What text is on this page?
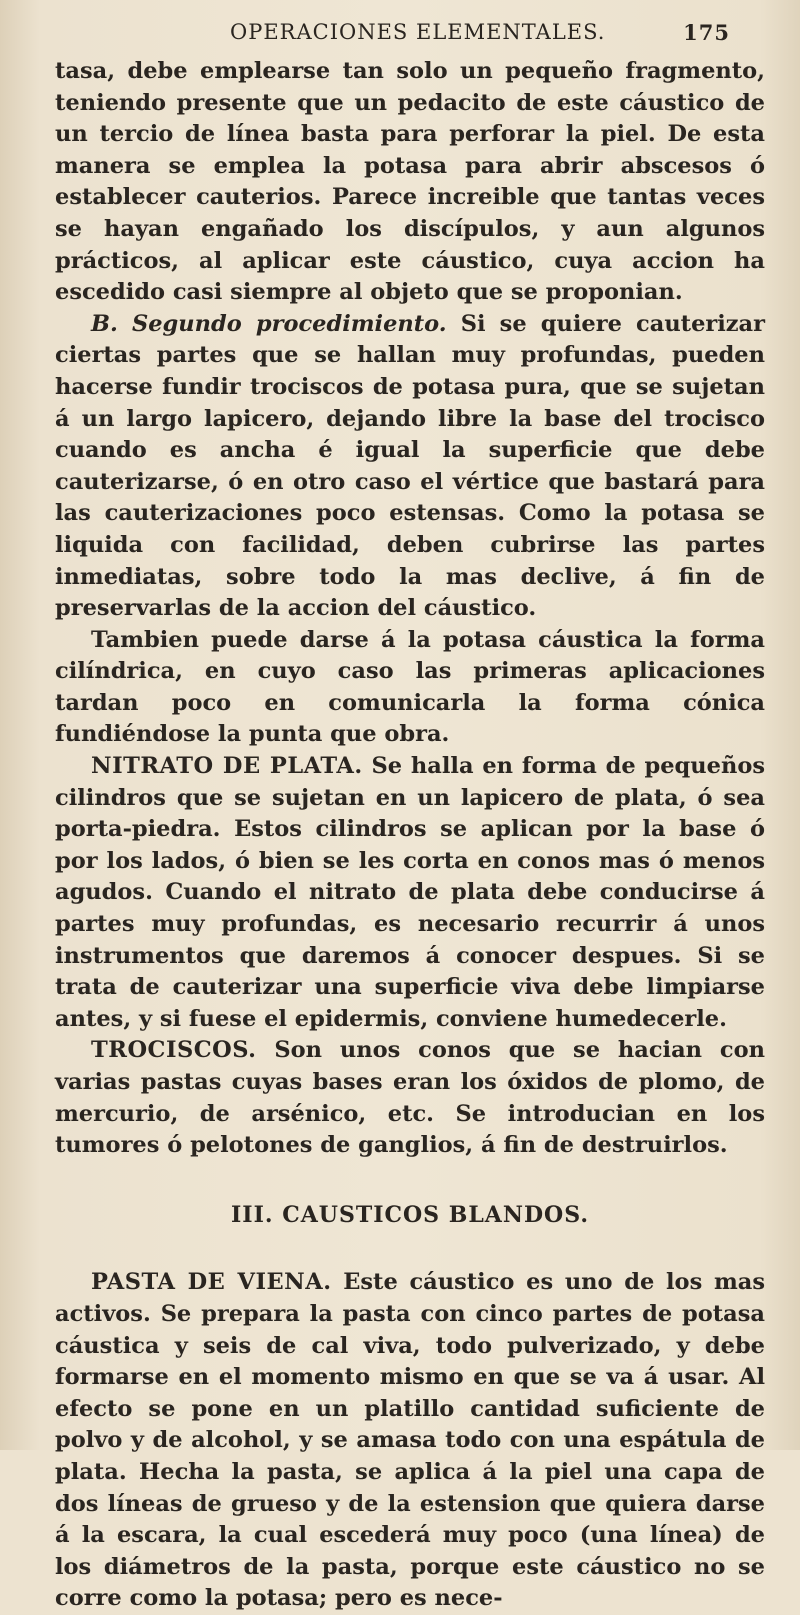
OPERACIONES ELEMENTALES.	175

tasa, debe emplearse tan solo un pequeño fragmento, teniendo presente que un pedacito de este cáustico de un tercio de línea basta para perforar la piel. De esta manera se emplea la potasa para abrir abscesos ó establecer cauterios. Parece increible que tantas veces se hayan engañado los discípulos, y aun algunos prácticos, al aplicar este cáustico, cuya accion ha escedido casi siempre al objeto que se proponian.

B. Segundo procedimiento. Si se quiere cauterizar ciertas partes que se hallan muy profundas, pueden hacerse fundir trociscos de potasa pura, que se sujetan á un largo lapicero, dejando libre la base del trocisco cuando es ancha é igual la superficie que debe cauterizarse, ó en otro caso el vértice que bastará para las cauterizaciones poco estensas. Como la potasa se liquida con facilidad, deben cubrirse las partes inmediatas, sobre todo la mas declive, á fin de preservarlas de la accion del cáustico.

Tambien puede darse á la potasa cáustica la forma cilíndrica, en cuyo caso las primeras aplicaciones tardan poco en comunicarla la forma cónica fundiéndose la punta que obra.

NITRATO DE PLATA. Se halla en forma de pequeños cilindros que se sujetan en un lapicero de plata, ó sea porta-piedra. Estos cilindros se aplican por la base ó por los lados, ó bien se les corta en conos mas ó menos agudos. Cuando el nitrato de plata debe conducirse á partes muy profundas, es necesario recurrir á unos instrumentos que daremos á conocer despues. Si se trata de cauterizar una superficie viva debe limpiarse antes, y si fuese el epidermis, conviene humedecerle.

TROCISCOS. Son unos conos que se hacian con varias pastas cuyas bases eran los óxidos de plomo, de mercurio, de arsénico, etc. Se introducian en los tumores ó pelotones de ganglios, á fin de destruirlos.

III. CAUSTICOS BLANDOS.

PASTA DE VIENA. Este cáustico es uno de los mas activos. Se prepara la pasta con cinco partes de potasa cáustica y seis de cal viva, todo pulverizado, y debe formarse en el momento mismo en que se va á usar. Al efecto se pone en un platillo cantidad suficiente de polvo y de alcohol, y se amasa todo con una espátula de plata. Hecha la pasta, se aplica á la piel una capa de dos líneas de grueso y de la estension que quiera darse á la escara, la cual escederá muy poco (una línea) de los diámetros de la pasta, porque este cáustico no se corre como la potasa; pero es nece-
